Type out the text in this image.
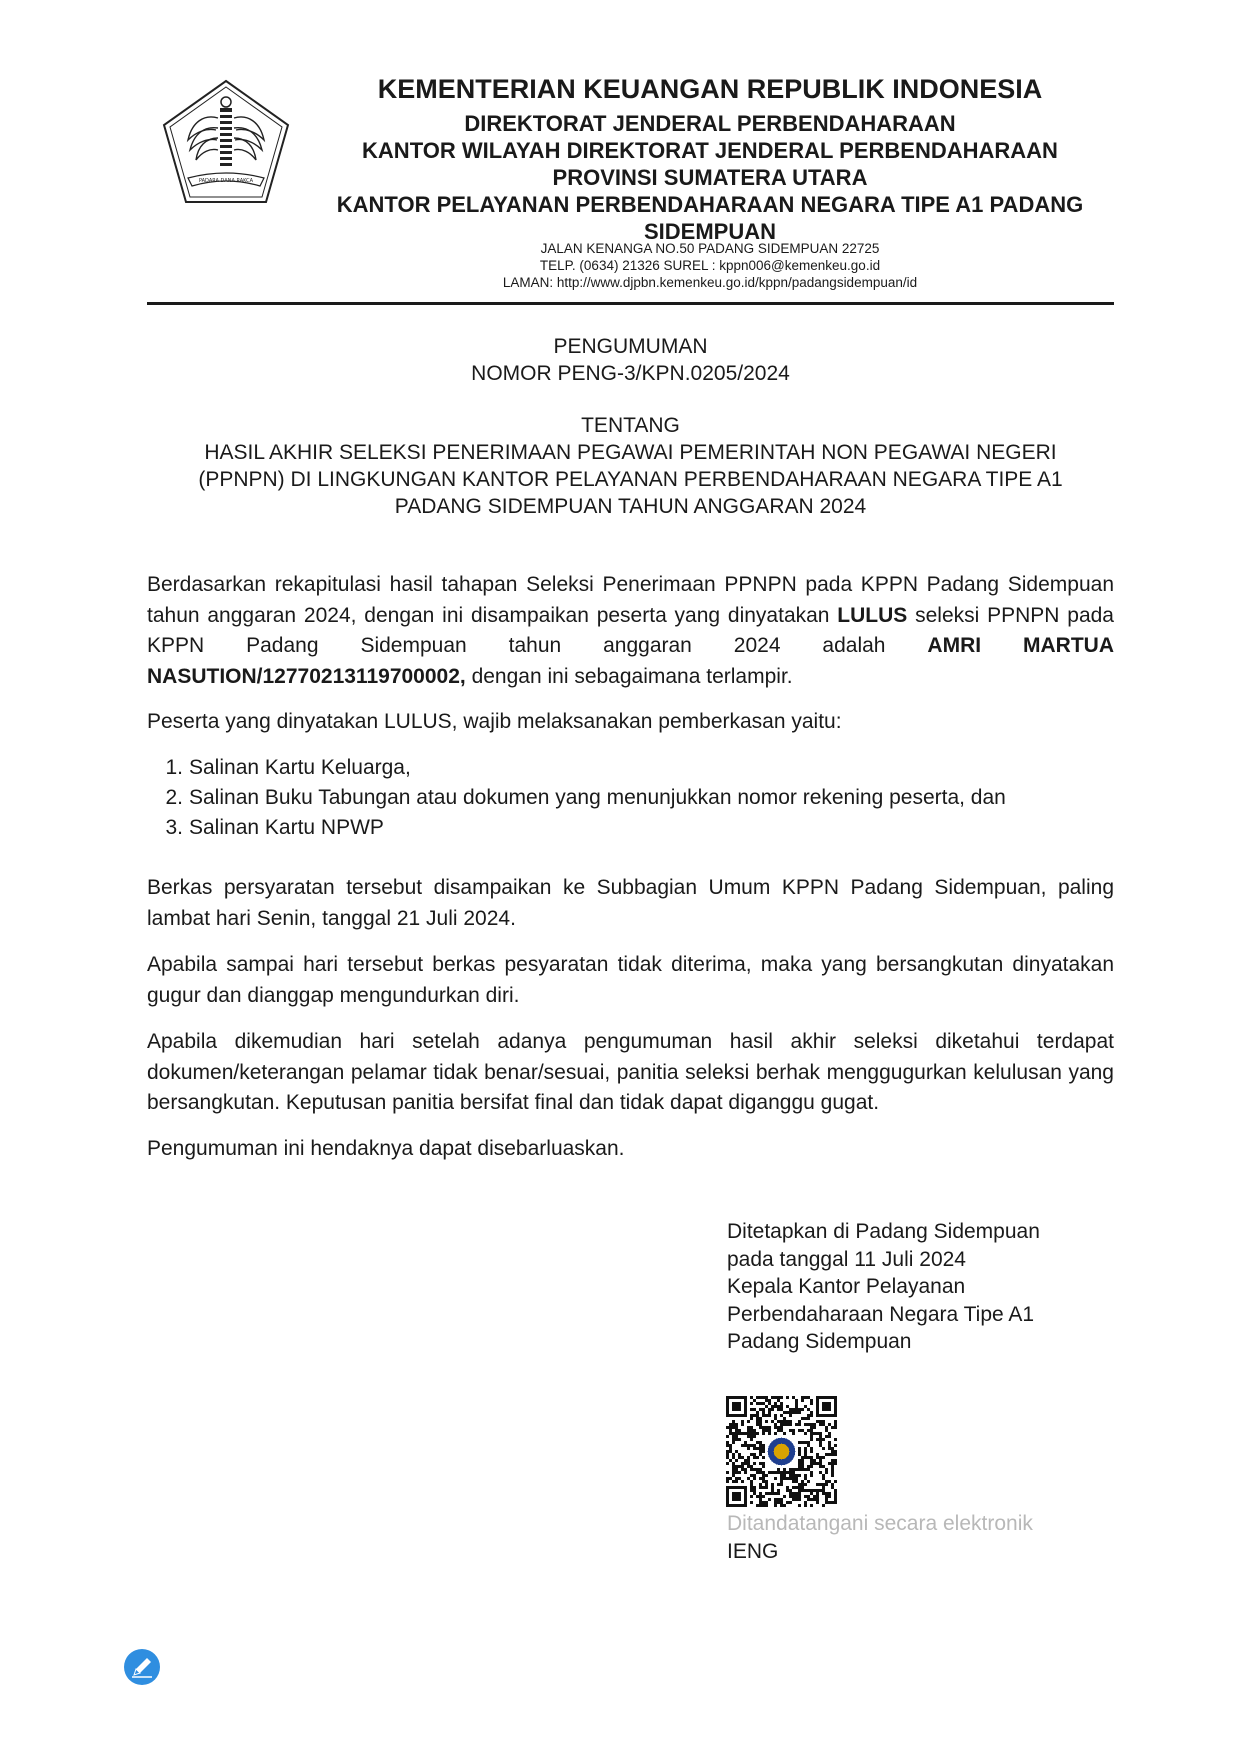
PADARA DANA RAKCA
KEMENTERIAN KEUANGAN REPUBLIK INDONESIA
DIREKTORAT JENDERAL PERBENDAHARAAN
KANTOR WILAYAH DIREKTORAT JENDERAL PERBENDAHARAAN
PROVINSI SUMATERA UTARA
KANTOR PELAYANAN PERBENDAHARAAN NEGARA TIPE A1 PADANG
SIDEMPUAN
JALAN KENANGA NO.50 PADANG SIDEMPUAN 22725
TELP. (0634) 21326 SUREL : kppn006@kemenkeu.go.id
LAMAN: http://www.djpbn.kemenkeu.go.id/kppn/padangsidempuan/id
PENGUMUMAN
NOMOR PENG-3/KPN.0205/2024
TENTANG
HASIL AKHIR SELEKSI PENERIMAAN PEGAWAI PEMERINTAH NON PEGAWAI NEGERI
(PPNPN) DI LINGKUNGAN KANTOR PELAYANAN PERBENDAHARAAN NEGARA TIPE A1
PADANG SIDEMPUAN TAHUN ANGGARAN 2024

Berdasarkan rekapitulasi hasil tahapan Seleksi Penerimaan PPNPN pada KPPN Padang Sidempuan tahun anggaran 2024, dengan ini disampaikan peserta yang dinyatakan LULUS seleksi PPNPN pada KPPN Padang Sidempuan tahun anggaran 2024 adalah AMRI MARTUA NASUTION/1277021311970000​2, dengan ini sebagaimana terlampir.

Peserta yang dinyatakan LULUS, wajib melaksanakan pemberkasan yaitu:

1. Salinan Kartu Keluarga,
2. Salinan Buku Tabungan atau dokumen yang menunjukkan nomor rekening peserta, dan
3. Salinan Kartu NPWP

Berkas persyaratan tersebut disampaikan ke Subbagian Umum KPPN Padang Sidempuan, paling lambat hari Senin, tanggal 21 Juli 2024.

Apabila sampai hari tersebut berkas pesyaratan tidak diterima, maka yang bersangkutan dinyatakan gugur dan dianggap mengundurkan diri.

Apabila dikemudian hari setelah adanya pengumuman hasil akhir seleksi diketahui terdapat dokumen/keterangan pelamar tidak benar/sesuai, panitia seleksi berhak menggugurkan kelulusan yang bersangkutan. Keputusan panitia bersifat final dan tidak dapat diganggu gugat.

Pengumuman ini hendaknya dapat disebarluaskan.

Ditetapkan di Padang Sidempuan
pada tanggal 11 Juli 2024
Kepala Kantor Pelayanan
Perbendaharaan Negara Tipe A1
Padang Sidempuan
Ditandatangani secara elektronik
IENG
